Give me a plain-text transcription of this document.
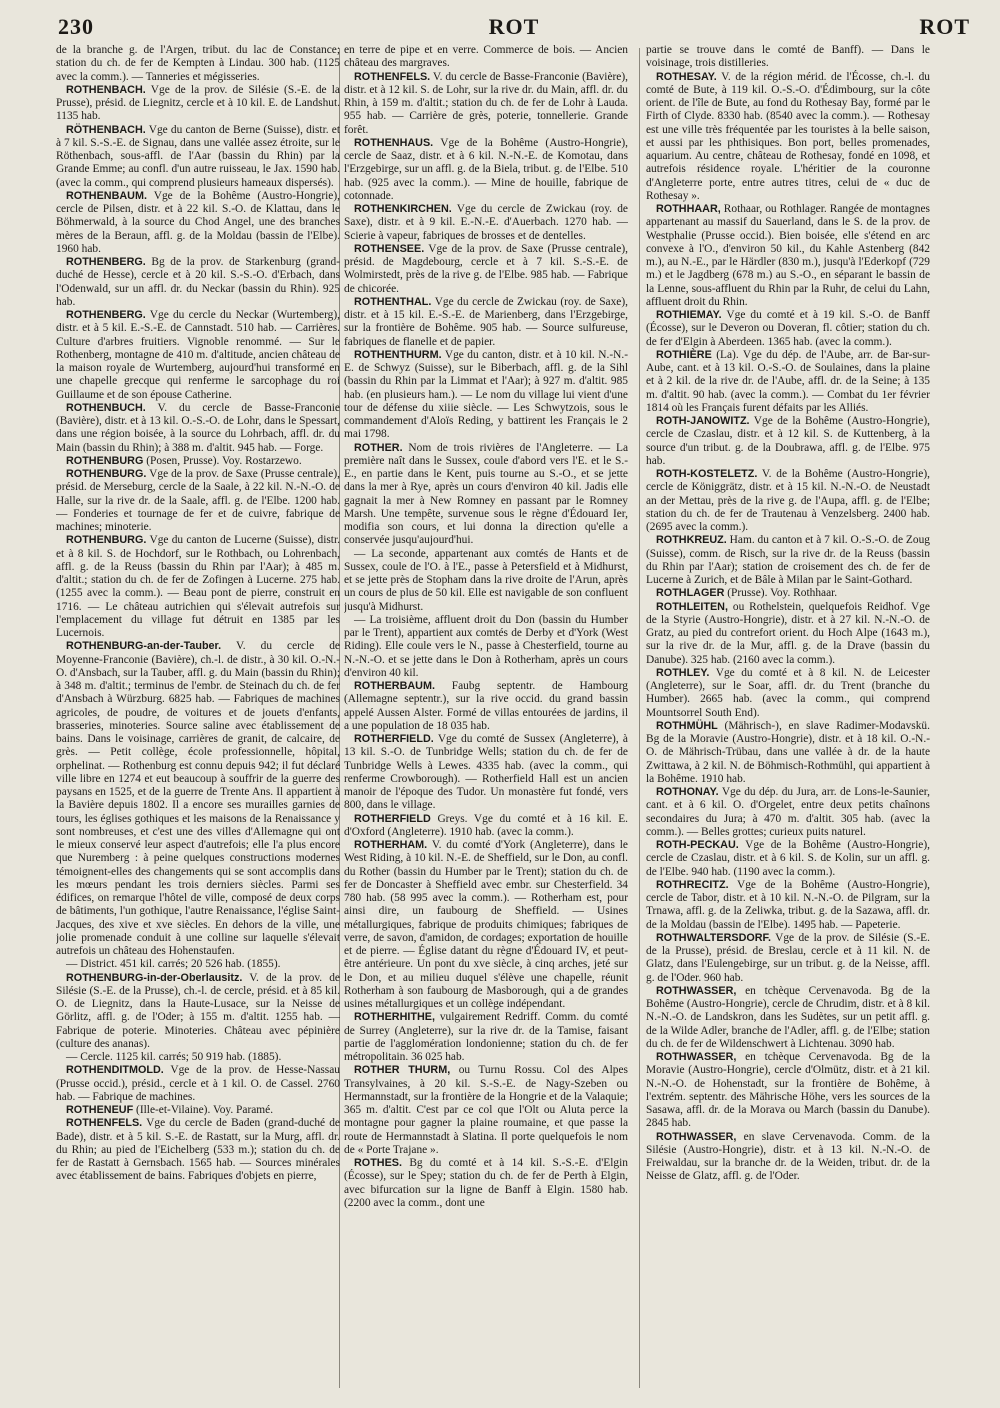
230	ROT	ROT

de la branche g. de l'Argen, tribut. du lac de Constance; station du ch. de fer de Kempten à Lindau. 300 hab. (1125 avec la comm.). — Tanneries et mégisseries.

ROTHENBACH. Vge de la prov. de Silésie (S.-E. de la Prusse), présid. de Liegnitz, cercle et à 10 kil. E. de Landshut. 1135 hab.

RÖTHENBACH. Vge du canton de Berne (Suisse), distr. et à 7 kil. S.-S.-E. de Signau, dans une vallée assez étroite, sur le Röthenbach, sous-affl. de l'Aar (bassin du Rhin) par la Grande Emme; au confl. d'un autre ruisseau, le Jax. 1590 hab. (avec la comm., qui comprend plusieurs hameaux dispersés).

ROTHENBAUM. Vge de la Bohême (Austro-Hongrie), cercle de Pilsen, distr. et à 22 kil. S.-O. de Klattau, dans le Böhmerwald, à la source du Chod Angel, une des branches mères de la Beraun, affl. g. de la Moldau (bassin de l'Elbe). 1960 hab.

ROTHENBERG. Bg de la prov. de Starkenburg (grand-duché de Hesse), cercle et à 20 kil. S.-S.-O. d'Erbach, dans l'Odenwald, sur un affl. dr. du Neckar (bassin du Rhin). 925 hab.

ROTHENBERG. Vge du cercle du Neckar (Wurtemberg), distr. et à 5 kil. E.-S.-E. de Cannstadt. 510 hab. — Carrières. Culture d'arbres fruitiers. Vignoble renommé. — Sur le Rothenberg, montagne de 410 m. d'altitude, ancien château de la maison royale de Wurtemberg, aujourd'hui transformé en une chapelle grecque qui renferme le sarcophage du roi Guillaume et de son épouse Catherine.

ROTHENBUCH. V. du cercle de Basse-Franconie (Bavière), distr. et à 13 kil. O.-S.-O. de Lohr, dans le Spessart, dans une région boisée, à la source du Lohrbach, affl. dr. du Main (bassin du Rhin); à 388 m. d'altit. 945 hab. — Forge.

ROTHENBURG (Posen, Prusse). Voy. Rostarzewo.

ROTHENBURG. Vge de la prov. de Saxe (Prusse centrale), présid. de Merseburg, cercle de la Saale, à 22 kil. N.-N.-O. de Halle, sur la rive dr. de la Saale, affl. g. de l'Elbe. 1200 hab. — Fonderies et tournage de fer et de cuivre, fabrique de machines; minoterie.

ROTHENBURG. Vge du canton de Lucerne (Suisse), distr. et à 8 kil. S. de Hochdorf, sur le Rothbach, ou Lohrenbach, affl. g. de la Reuss (bassin du Rhin par l'Aar); à 485 m. d'altit.; station du ch. de fer de Zofingen à Lucerne. 275 hab. (1255 avec la comm.). — Beau pont de pierre, construit en 1716. — Le château autrichien qui s'élevait autrefois sur l'emplacement du village fut détruit en 1385 par les Lucernois.

ROTHENBURG-an-der-Tauber. V. du cercle de Moyenne-Franconie (Bavière), ch.-l. de distr., à 30 kil. O.-N.-O. d'Ansbach, sur la Tauber, affl. g. du Main (bassin du Rhin); à 348 m. d'altit.; terminus de l'embr. de Steinach du ch. de fer d'Ansbach à Würzburg. 6825 hab. — Fabriques de machines agricoles, de poudre, de voitures et de jouets d'enfants, brasseries, minoteries. Source saline avec établissement de bains. Dans le voisinage, carrières de granit, de calcaire, de grès. — Petit collège, école professionnelle, hôpital, orphelinat. — Rothenburg est connu depuis 942; il fut déclaré ville libre en 1274 et eut beaucoup à souffrir de la guerre des paysans en 1525, et de la guerre de Trente Ans. Il appartient à la Bavière depuis 1802. Il a encore ses murailles garnies de tours, les églises gothiques et les maisons de la Renaissance y sont nombreuses, et c'est une des villes d'Allemagne qui ont le mieux conservé leur aspect d'autrefois; elle l'a plus encore que Nuremberg : à peine quelques constructions modernes témoignent-elles des changements qui se sont accomplis dans les mœurs pendant les trois derniers siècles. Parmi ses édifices, on remarque l'hôtel de ville, composé de deux corps de bâtiments, l'un gothique, l'autre Renaissance, l'église Saint-Jacques, des xive et xve siècles. En dehors de la ville, une jolie promenade conduit à une colline sur laquelle s'élevait autrefois un château des Hohenstaufen.

— District. 451 kil. carrés; 20 526 hab. (1855).

ROTHENBURG-in-der-Oberlausitz. V. de la prov. de Silésie (S.-E. de la Prusse), ch.-l. de cercle, présid. et à 85 kil. O. de Liegnitz, dans la Haute-Lusace, sur la Neisse de Görlitz, affl. g. de l'Oder; à 155 m. d'altit. 1255 hab. — Fabrique de poterie. Minoteries. Château avec pépinière (culture des ananas).

— Cercle. 1125 kil. carrés; 50 919 hab. (1885).

ROTHENDITMOLD. Vge de la prov. de Hesse-Nassau (Prusse occid.), présid., cercle et à 1 kil. O. de Cassel. 2760 hab. — Fabrique de machines.

ROTHENEUF (Ille-et-Vilaine). Voy. Paramé.

ROTHENFELS. Vge du cercle de Baden (grand-duché de Bade), distr. et à 5 kil. S.-E. de Rastatt, sur la Murg, affl. dr. du Rhin; au pied de l'Eichelberg (533 m.); station du ch. de fer de Rastatt à Gernsbach. 1565 hab. — Sources minérales avec établissement de bains. Fabriques d'objets en pierre,

en terre de pipe et en verre. Commerce de bois. — Ancien château des margraves.

ROTHENFELS. V. du cercle de Basse-Franconie (Bavière), distr. et à 12 kil. S. de Lohr, sur la rive dr. du Main, affl. dr. du Rhin, à 159 m. d'altit.; station du ch. de fer de Lohr à Lauda. 955 hab. — Carrière de grès, poterie, tonnellerie. Grande forêt.

ROTHENHAUS. Vge de la Bohême (Austro-Hongrie), cercle de Saaz, distr. et à 6 kil. N.-N.-E. de Komotau, dans l'Erzgebirge, sur un affl. g. de la Biela, tribut. g. de l'Elbe. 510 hab. (925 avec la comm.). — Mine de houille, fabrique de cotonnade.

ROTHENKIRCHEN. Vge du cercle de Zwickau (roy. de Saxe), distr. et à 9 kil. E.-N.-E. d'Auerbach. 1270 hab. — Scierie à vapeur, fabriques de brosses et de dentelles.

ROTHENSEE. Vge de la prov. de Saxe (Prusse centrale), présid. de Magdebourg, cercle et à 7 kil. S.-S.-E. de Wolmirstedt, près de la rive g. de l'Elbe. 985 hab. — Fabrique de chicorée.

ROTHENTHAL. Vge du cercle de Zwickau (roy. de Saxe), distr. et à 15 kil. E.-S.-E. de Marienberg, dans l'Erzgebirge, sur la frontière de Bohême. 905 hab. — Source sulfureuse, fabriques de flanelle et de papier.

ROTHENTHURM. Vge du canton, distr. et à 10 kil. N.-N.-E. de Schwyz (Suisse), sur le Biberbach, affl. g. de la Sihl (bassin du Rhin par la Limmat et l'Aar); à 927 m. d'altit. 985 hab. (en plusieurs ham.). — Le nom du village lui vient d'une tour de défense du xiiie siècle. — Les Schwytzois, sous le commandement d'Aloïs Reding, y battirent les Français le 2 mai 1798.

ROTHER. Nom de trois rivières de l'Angleterre. — La première naît dans le Sussex, coule d'abord vers l'E. et le S.-E., en partie dans le Kent, puis tourne au S.-O., et se jette dans la mer à Rye, après un cours d'environ 40 kil. Jadis elle gagnait la mer à New Romney en passant par le Romney Marsh. Une tempête, survenue sous le règne d'Édouard Ier, modifia son cours, et lui donna la direction qu'elle a conservée jusqu'aujourd'hui.

— La seconde, appartenant aux comtés de Hants et de Sussex, coule de l'O. à l'E., passe à Petersfield et à Midhurst, et se jette près de Stopham dans la rive droite de l'Arun, après un cours de plus de 50 kil. Elle est navigable de son confluent jusqu'à Midhurst.

— La troisième, affluent droit du Don (bassin du Humber par le Trent), appartient aux comtés de Derby et d'York (West Riding). Elle coule vers le N., passe à Chesterfield, tourne au N.-N.-O. et se jette dans le Don à Rotherham, après un cours d'environ 40 kil.

ROTHERBAUM. Faubg septentr. de Hambourg (Allemagne septentr.), sur la rive occid. du grand bassin appelé Aussen Alster. Formé de villas entourées de jardins, il a une population de 18 035 hab.

ROTHERFIELD. Vge du comté de Sussex (Angleterre), à 13 kil. S.-O. de Tunbridge Wells; station du ch. de fer de Tunbridge Wells à Lewes. 4335 hab. (avec la comm., qui renferme Crowborough). — Rotherfield Hall est un ancien manoir de l'époque des Tudor. Un monastère fut fondé, vers 800, dans le village.

ROTHERFIELD Greys. Vge du comté et à 16 kil. E. d'Oxford (Angleterre). 1910 hab. (avec la comm.).

ROTHERHAM. V. du comté d'York (Angleterre), dans le West Riding, à 10 kil. N.-E. de Sheffield, sur le Don, au confl. du Rother (bassin du Humber par le Trent); station du ch. de fer de Doncaster à Sheffield avec embr. sur Chesterfield. 34 780 hab. (58 995 avec la comm.). — Rotherham est, pour ainsi dire, un faubourg de Sheffield. — Usines métallurgiques, fabrique de produits chimiques; fabriques de verre, de savon, d'amidon, de cordages; exportation de houille et de pierre. — Église datant du règne d'Édouard IV, et peut-être antérieure. Un pont du xve siècle, à cinq arches, jeté sur le Don, et au milieu duquel s'élève une chapelle, réunit Rotherham à son faubourg de Masborough, qui a de grandes usines métallurgiques et un collège indépendant.

ROTHERHITHE, vulgairement Redriff. Comm. du comté de Surrey (Angleterre), sur la rive dr. de la Tamise, faisant partie de l'agglomération londonienne; station du ch. de fer métropolitain. 36 025 hab.

ROTHER THURM, ou Turnu Rossu. Col des Alpes Transylvaines, à 20 kil. S.-S.-E. de Nagy-Szeben ou Hermannstadt, sur la frontière de la Hongrie et de la Valaquie; 365 m. d'altit. C'est par ce col que l'Olt ou Aluta perce la montagne pour gagner la plaine roumaine, et que passe la route de Hermannstadt à Slatina. Il porte quelquefois le nom de « Porte Trajane ».

ROTHES. Bg du comté et à 14 kil. S.-S.-E. d'Elgin (Écosse), sur le Spey; station du ch. de fer de Perth à Elgin, avec bifurcation sur la ligne de Banff à Elgin. 1580 hab. (2200 avec la comm., dont une

partie se trouve dans le comté de Banff). — Dans le voisinage, trois distilleries.

ROTHESAY. V. de la région mérid. de l'Écosse, ch.-l. du comté de Bute, à 119 kil. O.-S.-O. d'Édimbourg, sur la côte orient. de l'île de Bute, au fond du Rothesay Bay, formé par le Firth of Clyde. 8330 hab. (8540 avec la comm.). — Rothesay est une ville très fréquentée par les touristes à la belle saison, et aussi par les phthisiques. Bon port, belles promenades, aquarium. Au centre, château de Rothesay, fondé en 1098, et autrefois résidence royale. L'héritier de la couronne d'Angleterre porte, entre autres titres, celui de « duc de Rothesay ».

ROTHHAAR, Rothaar, ou Rothlager. Rangée de montagnes appartenant au massif du Sauerland, dans le S. de la prov. de Westphalie (Prusse occid.). Bien boisée, elle s'étend en arc convexe à l'O., d'environ 50 kil., du Kahle Astenberg (842 m.), au N.-E., par le Härdler (830 m.), jusqu'à l'Ederkopf (729 m.) et le Jagdberg (678 m.) au S.-O., en séparant le bassin de la Lenne, sous-affluent du Rhin par la Ruhr, de celui du Lahn, affluent droit du Rhin.

ROTHIEMAY. Vge du comté et à 19 kil. S.-O. de Banff (Écosse), sur le Deveron ou Doveran, fl. côtier; station du ch. de fer d'Elgin à Aberdeen. 1365 hab. (avec la comm.).

ROTHIÈRE (La). Vge du dép. de l'Aube, arr. de Bar-sur-Aube, cant. et à 13 kil. O.-S.-O. de Soulaines, dans la plaine et à 2 kil. de la rive dr. de l'Aube, affl. dr. de la Seine; à 135 m. d'altit. 90 hab. (avec la comm.). — Combat du 1er février 1814 où les Français furent défaits par les Alliés.

ROTH-JANOWITZ. Vge de la Bohême (Austro-Hongrie), cercle de Czaslau, distr. et à 12 kil. S. de Kuttenberg, à la source d'un tribut. g. de la Doubrawa, affl. g. de l'Elbe. 975 hab.

ROTH-KOSTELETZ. V. de la Bohême (Austro-Hongrie), cercle de Königgrätz, distr. et à 15 kil. N.-N.-O. de Neustadt an der Mettau, près de la rive g. de l'Aupa, affl. g. de l'Elbe; station du ch. de fer de Trautenau à Venzelsberg. 2400 hab. (2695 avec la comm.).

ROTHKREUZ. Ham. du canton et à 7 kil. O.-S.-O. de Zoug (Suisse), comm. de Risch, sur la rive dr. de la Reuss (bassin du Rhin par l'Aar); station de croisement des ch. de fer de Lucerne à Zurich, et de Bâle à Milan par le Saint-Gothard.

ROTHLAGER (Prusse). Voy. Rothhaar.

ROTHLEITEN, ou Rothelstein, quelquefois Reidhof. Vge de la Styrie (Austro-Hongrie), distr. et à 27 kil. N.-N.-O. de Gratz, au pied du contrefort orient. du Hoch Alpe (1643 m.), sur la rive dr. de la Mur, affl. g. de la Drave (bassin du Danube). 325 hab. (2160 avec la comm.).

ROTHLEY. Vge du comté et à 8 kil. N. de Leicester (Angleterre), sur le Soar, affl. dr. du Trent (branche du Humber). 2665 hab. (avec la comm., qui comprend Mountsorrel South End).

ROTHMÜHL (Mährisch-), en slave Radimer-Modavskü. Bg de la Moravie (Austro-Hongrie), distr. et à 18 kil. O.-N.-O. de Mährisch-Trübau, dans une vallée à dr. de la haute Zwittawa, à 2 kil. N. de Böhmisch-Rothmühl, qui appartient à la Bohême. 1910 hab.

ROTHONAY. Vge du dép. du Jura, arr. de Lons-le-Saunier, cant. et à 6 kil. O. d'Orgelet, entre deux petits chaînons secondaires du Jura; à 470 m. d'altit. 305 hab. (avec la comm.). — Belles grottes; curieux puits naturel.

ROTH-PECKAU. Vge de la Bohême (Austro-Hongrie), cercle de Czaslau, distr. et à 6 kil. S. de Kolin, sur un affl. g. de l'Elbe. 940 hab. (1190 avec la comm.).

ROTHRECITZ. Vge de la Bohême (Austro-Hongrie), cercle de Tabor, distr. et à 10 kil. N.-N.-O. de Pilgram, sur la Trnawa, affl. g. de la Zeliwka, tribut. g. de la Sazawa, affl. dr. de la Moldau (bassin de l'Elbe). 1495 hab. — Papeterie.

ROTHWALTERSDORF. Vge de la prov. de Silésie (S.-E. de la Prusse), présid. de Breslau, cercle et à 11 kil. N. de Glatz, dans l'Eulengebirge, sur un tribut. g. de la Neisse, affl. g. de l'Oder. 960 hab.

ROTHWASSER, en tchèque Cervenavoda. Bg de la Bohême (Austro-Hongrie), cercle de Chrudim, distr. et à 8 kil. N.-N.-O. de Landskron, dans les Sudètes, sur un petit affl. g. de la Wilde Adler, branche de l'Adler, affl. g. de l'Elbe; station du ch. de fer de Wildenschwert à Lichtenau. 3090 hab.

ROTHWASSER, en tchèque Cervenavoda. Bg de la Moravie (Austro-Hongrie), cercle d'Olmütz, distr. et à 21 kil. N.-N.-O. de Hohenstadt, sur la frontière de Bohême, à l'extrém. septentr. des Mährische Höhe, vers les sources de la Sasawa, affl. dr. de la Morava ou March (bassin du Danube). 2845 hab.

ROTHWASSER, en slave Cervenavoda. Comm. de la Silésie (Austro-Hongrie), distr. et à 13 kil. N.-N.-O. de Freiwaldau, sur la branche dr. de la Weiden, tribut. dr. de la Neisse de Glatz, affl. g. de l'Oder.
